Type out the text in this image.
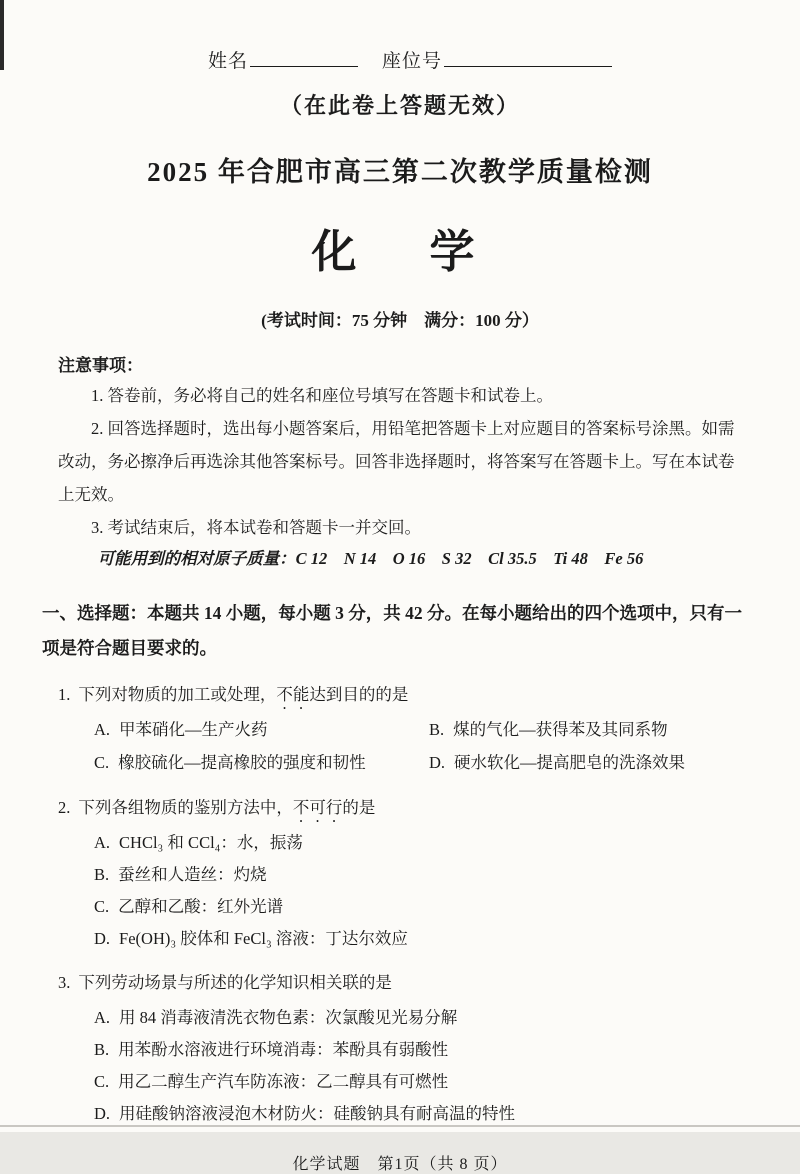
姓名	座位号
（在此卷上答题无效）
2025 年合肥市高三第二次教学质量检测
化　学
(考试时间：75 分钟　满分：100 分）
注意事项：

1. 答卷前，务必将自己的姓名和座位号填写在答题卡和试卷上。

2. 回答选择题时，选出每小题答案后，用铅笔把答题卡上对应题目的答案标号涂黑。如需改动，务必擦净后再选涂其他答案标号。回答非选择题时，将答案写在答题卡上。写在本试卷上无效。

3. 考试结束后，将本试卷和答题卡一并交回。

可能用到的相对原子质量：C 12　N 14　O 16　S 32　Cl 35.5　Ti 48　Fe 56

一、选择题：本题共 14 小题，每小题 3 分，共 42 分。在每小题给出的四个选项中，只有一项是符合题目要求的。

1. 下列对物质的加工或处理，不能达到目的的是

A. 甲苯硝化—生产火药	B. 煤的气化—获得苯及其同系物
C. 橡胶硫化—提高橡胶的强度和韧性	D. 硬水软化—提高肥皂的洗涤效果

2. 下列各组物质的鉴别方法中，不可行的是

A. CHCl₃ 和 CCl₄：水，振荡
B. 蚕丝和人造丝：灼烧
C. 乙醇和乙酸：红外光谱
D. Fe(OH)₃ 胶体和 FeCl₃ 溶液：丁达尔效应

3. 下列劳动场景与所述的化学知识相关联的是

A. 用 84 消毒液清洗衣物色素：次氯酸见光易分解
B. 用苯酚水溶液进行环境消毒：苯酚具有弱酸性
C. 用乙二醇生产汽车防冻液：乙二醇具有可燃性
D. 用硅酸钠溶液浸泡木材防火：硅酸钠具有耐高温的特性
化学试题　第1页（共 8 页）
